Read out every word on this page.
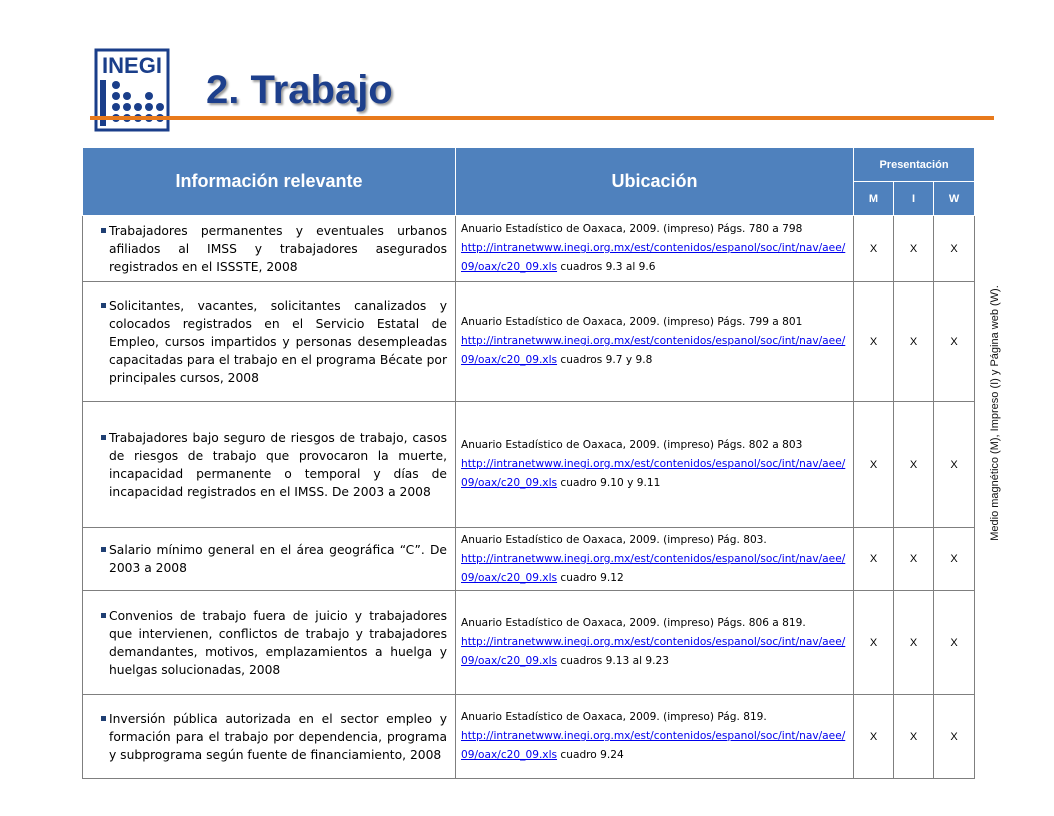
INEGI
2. Trabajo
Información relevante	Ubicación	Presentación		
		M	I	W

Trabajadores permanentes y eventuales urbanos afiliados al IMSS y trabajadores asegurados registrados en el ISSSTE, 2008	Anuario Estadístico de Oaxaca, 2009. (impreso) Págs. 780 a 798
http://intranetwww.inegi.org.mx/est/contenidos/espanol/soc/int/nav/aee/09/oax/c20_09.xls cuadros 9.3 al 9.6	X	X	X

Solicitantes, vacantes, solicitantes canalizados y colocados registrados en el Servicio Estatal de Empleo, cursos impartidos y personas desempleadas capacitadas para el trabajo en el programa Bécate por principales cursos, 2008	Anuario Estadístico de Oaxaca, 2009. (impreso) Págs. 799 a 801
http://intranetwww.inegi.org.mx/est/contenidos/espanol/soc/int/nav/aee/09/oax/c20_09.xls cuadros 9.7 y 9.8	X	X	X

Trabajadores bajo seguro de riesgos de trabajo, casos de riesgos de trabajo que provocaron la muerte, incapacidad permanente o temporal y días de incapacidad registrados en el IMSS. De 2003 a 2008	Anuario Estadístico de Oaxaca, 2009. (impreso) Págs. 802 a 803
http://intranetwww.inegi.org.mx/est/contenidos/espanol/soc/int/nav/aee/09/oax/c20_09.xls cuadro 9.10 y 9.11	X	X	X

Salario mínimo general en el área geográfica “C”. De 2003 a 2008	Anuario Estadístico de Oaxaca, 2009. (impreso) Pág. 803.
http://intranetwww.inegi.org.mx/est/contenidos/espanol/soc/int/nav/aee/09/oax/c20_09.xls cuadro 9.12	X	X	X

Convenios de trabajo fuera de juicio y trabajadores que intervienen, conflictos de trabajo y trabajadores demandantes, motivos, emplazamientos a huelga y huelgas solucionadas, 2008	Anuario Estadístico de Oaxaca, 2009. (impreso) Págs. 806 a 819.
http://intranetwww.inegi.org.mx/est/contenidos/espanol/soc/int/nav/aee/09/oax/c20_09.xls cuadros 9.13 al 9.23	X	X	X

Inversión pública autorizada en el sector empleo y formación para el trabajo por dependencia, programa y subprograma según fuente de financiamiento, 2008	Anuario Estadístico de Oaxaca, 2009. (impreso) Pág. 819.
http://intranetwww.inegi.org.mx/est/contenidos/espanol/soc/int/nav/aee/09/oax/c20_09.xls cuadro 9.24	X	X	X
Medio magnético (M), Impreso (I) y Página web (W).
